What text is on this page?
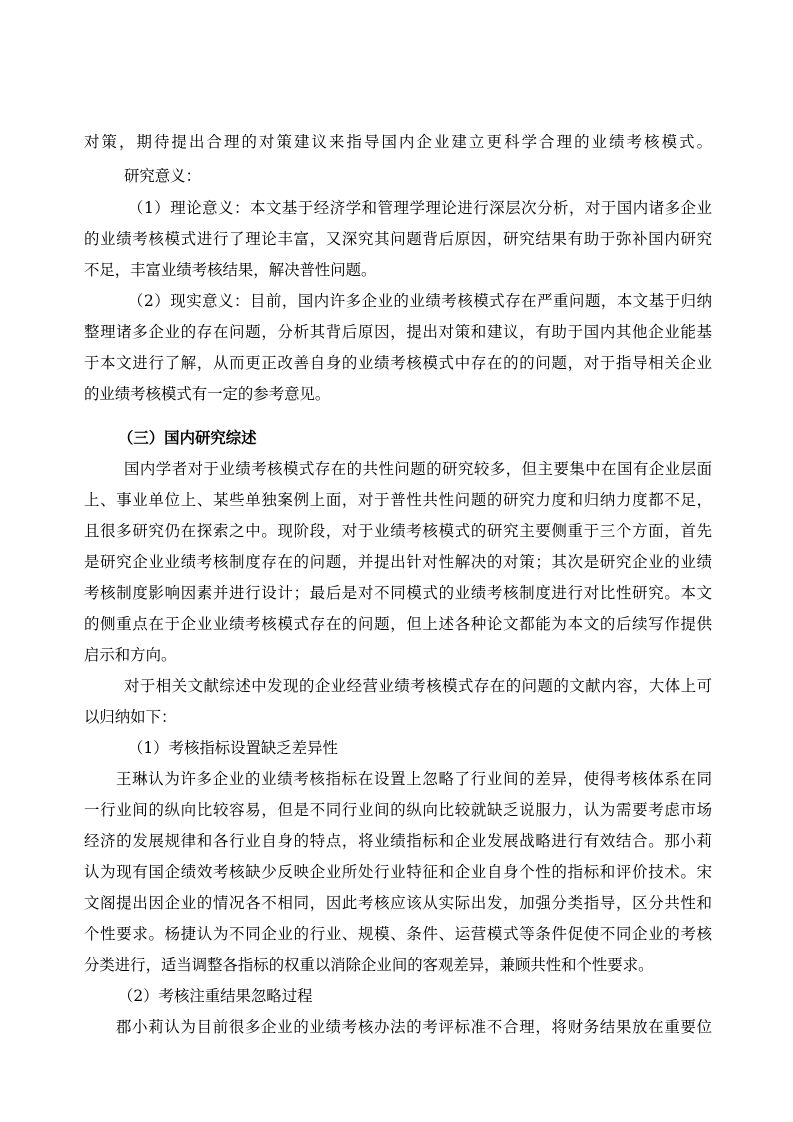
对策，期待提出合理的对策建议来指导国内企业建立更科学合理的业绩考核模式。
研究意义：
（1）理论意义：本文基于经济学和管理学理论进行深层次分析，对于国内诸多企业
的业绩考核模式进行了理论丰富，又深究其问题背后原因，研究结果有助于弥补国内研究
不足，丰富业绩考核结果，解决普性问题。
（2）现实意义：目前，国内许多企业的业绩考核模式存在严重问题，本文基于归纳
整理诸多企业的存在问题，分析其背后原因，提出对策和建议，有助于国内其他企业能基
于本文进行了解，从而更正改善自身的业绩考核模式中存在的的问题，对于指导相关企业
的业绩考核模式有一定的参考意见。
（三）国内研究综述
国内学者对于业绩考核模式存在的共性问题的研究较多，但主要集中在国有企业层面
上、事业单位上、某些单独案例上面，对于普性共性问题的研究力度和归纳力度都不足，
且很多研究仍在探索之中。现阶段，对于业绩考核模式的研究主要侧重于三个方面，首先
是研究企业业绩考核制度存在的问题，并提出针对性解决的对策；其次是研究企业的业绩
考核制度影响因素并进行设计；最后是对不同模式的业绩考核制度进行对比性研究。本文
的侧重点在于企业业绩考核模式存在的问题，但上述各种论文都能为本文的后续写作提供
启示和方向。
对于相关文献综述中发现的企业经营业绩考核模式存在的问题的文献内容，大体上可
以归纳如下：
（1）考核指标设置缺乏差异性
王琳认为许多企业的业绩考核指标在设置上忽略了行业间的差异，使得考核体系在同
一行业间的纵向比较容易，但是不同行业间的纵向比较就缺乏说服力，认为需要考虑市场
经济的发展规律和各行业自身的特点，将业绩指标和企业发展战略进行有效结合。那小莉
认为现有国企绩效考核缺少反映企业所处行业特征和企业自身个性的指标和评价技术。宋
文阁提出因企业的情况各不相同，因此考核应该从实际出发，加强分类指导，区分共性和
个性要求。杨捷认为不同企业的行业、规模、条件、运营模式等条件促使不同企业的考核
分类进行，适当调整各指标的权重以消除企业间的客观差异，兼顾共性和个性要求。
（2）考核注重结果忽略过程
郡小莉认为目前很多企业的业绩考核办法的考评标准不合理，将财务结果放在重要位
